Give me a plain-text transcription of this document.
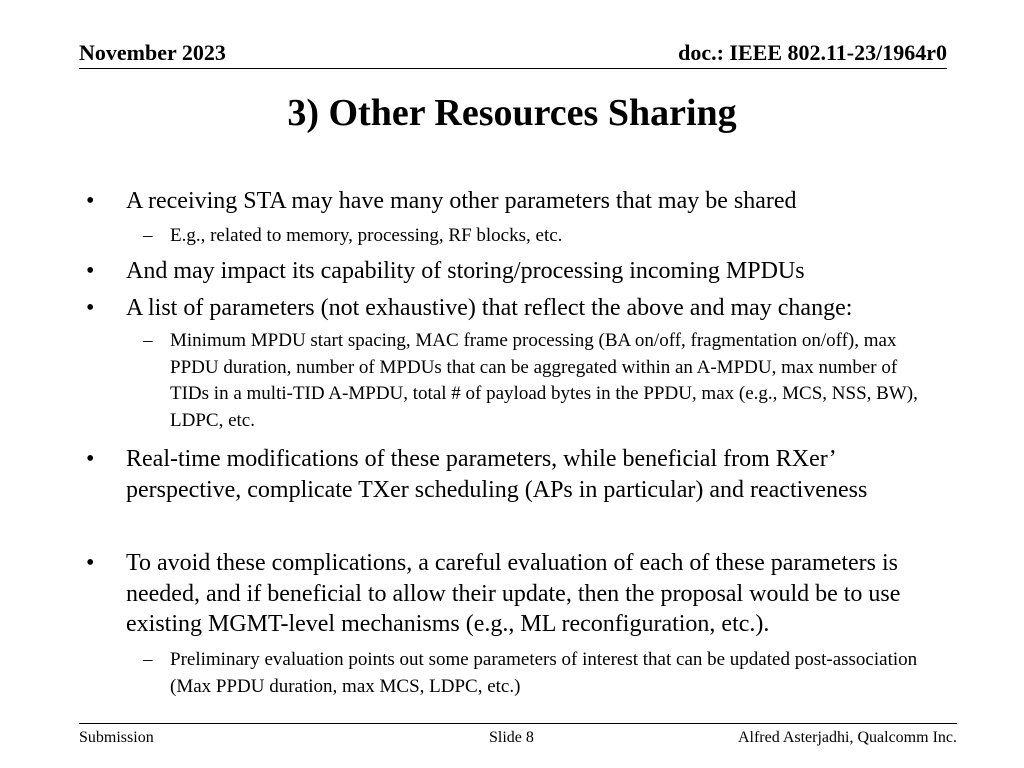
November 2023	doc.: IEEE 802.11-23/1964r0
3) Other Resources Sharing
• A receiving STA may have many other parameters that may be shared
– E.g., related to memory, processing, RF blocks, etc.
• And may impact its capability of storing/processing incoming MPDUs
• A list of parameters (not exhaustive) that reflect the above and may change:
– Minimum MPDU start spacing, MAC frame processing (BA on/off, fragmentation on/off), max PPDU duration, number of MPDUs that can be aggregated within an A-MPDU, max number of TIDs in a multi-TID A-MPDU, total # of payload bytes in the PPDU, max (e.g., MCS, NSS, BW), LDPC, etc.
• Real-time modifications of these parameters, while beneficial from RXer’ perspective, complicate TXer scheduling (APs in particular) and reactiveness
• To avoid these complications, a careful evaluation of each of these parameters is needed, and if beneficial to allow their update, then the proposal would be to use existing MGMT-level mechanisms (e.g., ML reconfiguration, etc.).
– Preliminary evaluation points out some parameters of interest that can be updated post-association (Max PPDU duration, max MCS, LDPC, etc.)
Submission	Slide 8	Alfred Asterjadhi, Qualcomm Inc.
